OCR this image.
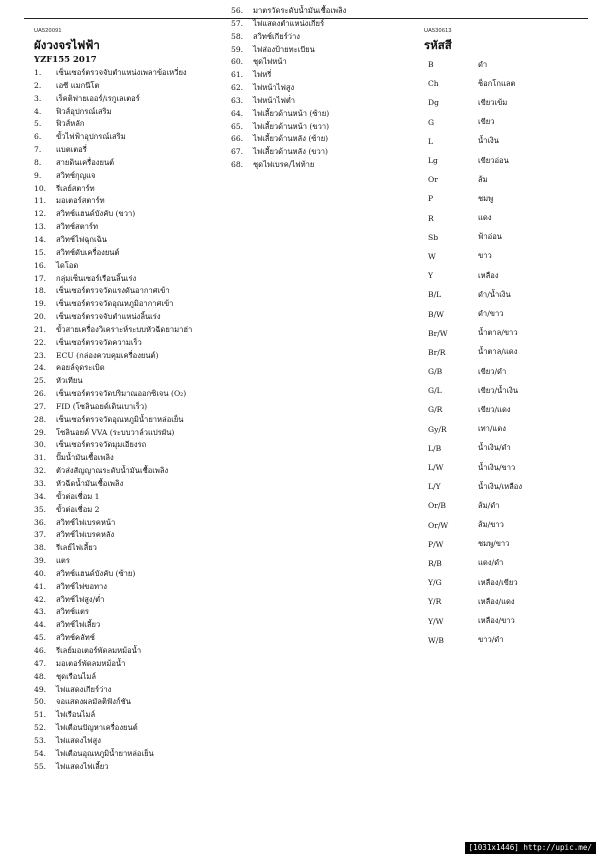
UA520091
ผังวงจรไฟฟ้า
YZF155 2017
UA530613
รหัสสี
1. เซ็นเซอร์ตรวจจับตำแหน่งเพลาข้อเหวี่ยง
2. เอซี แมกนีโต
3. เร็คติฟายเออร์/เรกูเลเตอร์
4. ฟิวส์อุปกรณ์เสริม
5. ฟิวส์หลัก
6. ขั้วไฟฟ้าอุปกรณ์เสริม
7. แบตเตอรี่
8. สายดินเครื่องยนต์
9. สวิทช์กุญแจ
10. รีเลย์สตาร์ท
11. มอเตอร์สตาร์ท
12. สวิทช์แฮนด์บังคับ (ขวา)
13. สวิทช์สตาร์ท
14. สวิทช์ไฟฉุกเฉิน
15. สวิทช์ดับเครื่องยนต์
16. ไดโอด
17. กลุ่มเซ็นเซอร์เรือนลิ้นเร่ง
18. เซ็นเซอร์ตรวจวัดแรงดันอากาศเข้า
19. เซ็นเซอร์ตรวจวัดอุณหภูมิอากาศเข้า
20. เซ็นเซอร์ตรวจจับตำแหน่งลิ้นเร่ง
21. ขั้วสายเครื่องวิเคราะห์ระบบหัวฉีดยามาฮ่า
22. เซ็นเซอร์ตรวจวัดความเร็ว
23. ECU (กล่องควบคุมเครื่องยนต์)
24. คอยล์จุดระเบิด
25. หัวเทียน
26. เซ็นเซอร์ตรวจวัดปริมาณออกซิเจน (O₂)
27. FID (โซลินอยด์เดินเบาเร็ว)
28. เซ็นเซอร์ตรวจวัดอุณหภูมิน้ำยาหล่อเย็น
29. โซลินอยด์ VVA (ระบบวาล์วแปรผัน)
30. เซ็นเซอร์ตรวจวัดมุมเอียงรถ
31. ปั๊มน้ำมันเชื้อเพลิง
32. ตัวส่งสัญญาณระดับน้ำมันเชื้อเพลิง
33. หัวฉีดน้ำมันเชื้อเพลิง
34. ขั้วต่อเชื่อม 1
35. ขั้วต่อเชื่อม 2
36. สวิทช์ไฟเบรคหน้า
37. สวิทช์ไฟเบรคหลัง
38. รีเลย์ไฟเลี้ยว
39. แตร
40. สวิทช์แฮนด์บังคับ (ซ้าย)
41. สวิทช์ไฟขอทาง
42. สวิทช์ไฟสูง/ต่ำ
43. สวิทช์แตร
44. สวิทช์ไฟเลี้ยว
45. สวิทช์คลัทช์
46. รีเลย์มอเตอร์พัดลมหม้อน้ำ
47. มอเตอร์พัดลมหม้อน้ำ
48. ชุดเรือนไมล์
49. ไฟแสดงเกียร์ว่าง
50. จอแสดงผลมัลติฟังก์ชัน
51. ไฟเรือนไมล์
52. ไฟเตือนปัญหาเครื่องยนต์
53. ไฟแสดงไฟสูง
54. ไฟเตือนอุณหภูมิน้ำยาหล่อเย็น
55. ไฟแสดงไฟเลี้ยว
56. มาตรวัดระดับน้ำมันเชื้อเพลิง
57. ไฟแสดงตำแหน่งเกียร์
58. สวิทช์เกียร์ว่าง
59. ไฟส่องป้ายทะเบียน
60. ชุดไฟหน้า
61. ไฟหรี่
62. ไฟหน้าไฟสูง
63. ไฟหน้าไฟต่ำ
64. ไฟเลี้ยวด้านหน้า (ซ้าย)
65. ไฟเลี้ยวด้านหน้า (ขวา)
66. ไฟเลี้ยวด้านหลัง (ซ้าย)
67. ไฟเลี้ยวด้านหลัง (ขวา)
68. ชุดไฟเบรค/ไฟท้าย
B	ดำ
Ch	ช็อกโกแลต
Dg	เขียวเข้ม
G	เขียว
L	น้ำเงิน
Lg	เขียวอ่อน
Or	ส้ม
P	ชมพู
R	แดง
Sb	ฟ้าอ่อน
W	ขาว
Y	เหลือง
B/L	ดำ/น้ำเงิน
B/W	ดำ/ขาว
Br/W	น้ำตาล/ขาว
Br/R	น้ำตาล/แดง
G/B	เขียว/ดำ
G/L	เขียว/น้ำเงิน
G/R	เขียว/แดง
Gy/R	เทา/แดง
L/B	น้ำเงิน/ดำ
L/W	น้ำเงิน/ขาว
L/Y	น้ำเงิน/เหลือง
Or/B	ส้ม/ดำ
Or/W	ส้ม/ขาว
P/W	ชมพู/ขาว
R/B	แดง/ดำ
Y/G	เหลือง/เขียว
Y/R	เหลือง/แดง
Y/W	เหลือง/ขาว
W/B	ขาว/ดำ
[1031x1446] http://upic.me/
